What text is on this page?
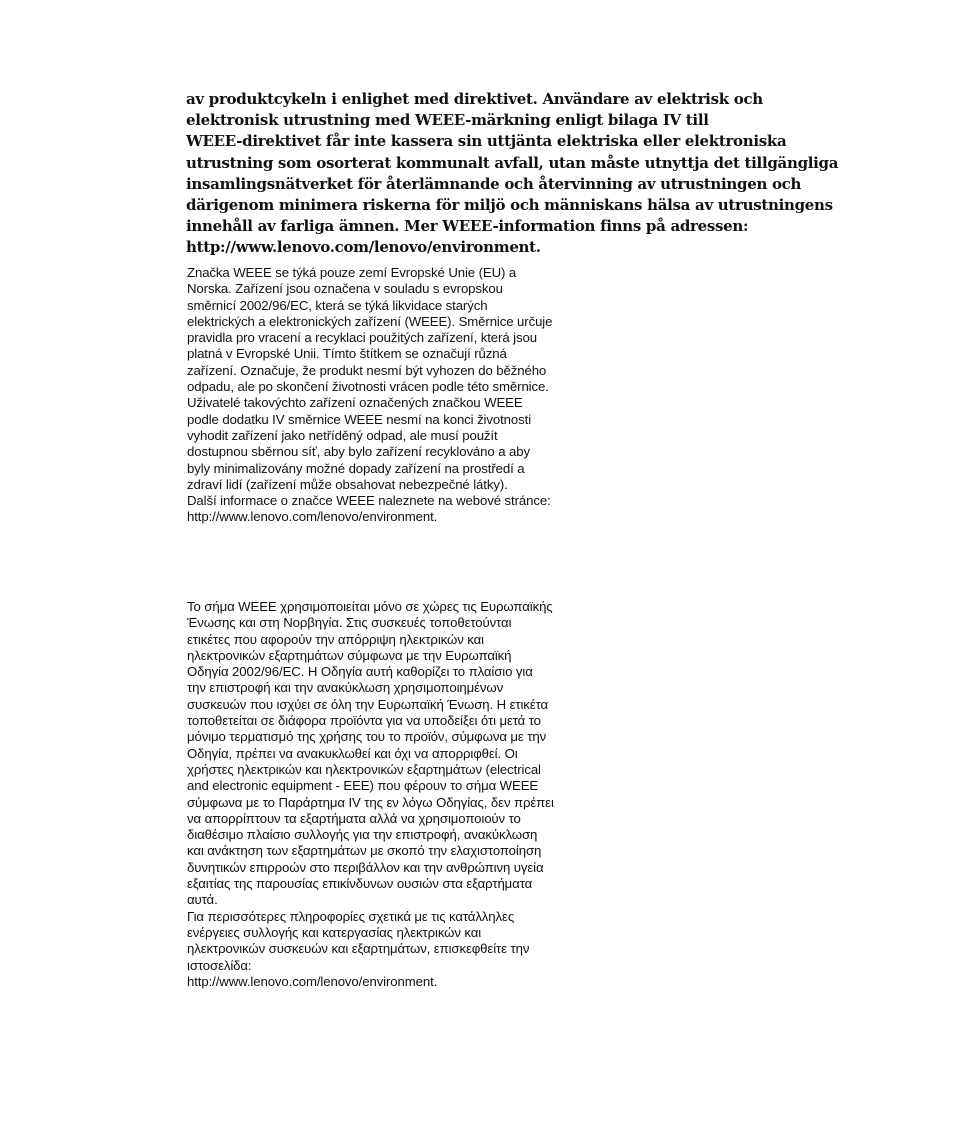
av produktcykeln i enlighet med direktivet. Användare av elektrisk och
elektronisk utrustning med WEEE-märkning enligt bilaga IV till
WEEE-direktivet får inte kassera sin uttjänta elektriska eller elektroniska
utrustning som osorterat kommunalt avfall, utan måste utnyttja det tillgängliga
insamlingsnätverket för återlämnande och återvinning av utrustningen och
därigenom minimera riskerna för miljö och människans hälsa av utrustningens
innehåll av farliga ämnen. Mer WEEE-information finns på adressen:
http://www.lenovo.com/lenovo/environment.
Značka WEEE se týká pouze zemí Evropské Unie (EU) a
Norska. Zařízení jsou označena v souladu s evropskou
směrnicí 2002/96/EC, která se týká likvidace starých
elektrických a elektronických zařízení (WEEE). Směrnice určuje
pravidla pro vracení a recyklaci použitých zařízení, která jsou
platná v Evropské Unii. Tímto štítkem se označují různá
zařízení. Označuje, že produkt nesmí být vyhozen do běžného
odpadu, ale po skončení životnosti vrácen podle této směrnice.
Uživatelé takovýchto zařízení označených značkou WEEE
podle dodatku IV směrnice WEEE nesmí na konci životnosti
vyhodit zařízení jako netříděný odpad, ale musí použít
dostupnou sběrnou síť, aby bylo zařízení recyklováno a aby
byly minimalizovány možné dopady zařízení na prostředí a
zdraví lidí (zařízení může obsahovat nebezpečné látky).
Další informace o značce WEEE naleznete na webové stránce:
http://www.lenovo.com/lenovo/environment.
Το σήμα WEEE χρησιμοποιείται μόνο σε χώρες τις Ευρωπαϊκής
Ένωσης και στη Νορβηγία. Στις συσκευές τοποθετούνται
ετικέτες που αφορούν την απόρριψη ηλεκτρικών και
ηλεκτρονικών εξαρτημάτων σύμφωνα με την Ευρωπαϊκή
Οδηγία 2002/96/EC. Η Οδηγία αυτή καθορίζει το πλαίσιο για
την επιστροφή και την ανακύκλωση χρησιμοποιημένων
συσκευών που ισχύει σε όλη την Ευρωπαϊκή Ένωση. Η ετικέτα
τοποθετείται σε διάφορα προϊόντα για να υποδείξει ότι μετά το
μόνιμο τερματισμό της χρήσης του το προϊόν, σύμφωνα με την
Οδηγία, πρέπει να ανακυκλωθεί και όχι να απορριφθεί. Οι
χρήστες ηλεκτρικών και ηλεκτρονικών εξαρτημάτων (electrical
and electronic equipment - EEE) που φέρουν το σήμα WEEE
σύμφωνα με το Παράρτημα IV της εν λόγω Οδηγίας, δεν πρέπει
να απορρίπτουν τα εξαρτήματα αλλά να χρησιμοποιούν το
διαθέσιμο πλαίσιο συλλογής για την επιστροφή, ανακύκλωση
και ανάκτηση των εξαρτημάτων με σκοπό την ελαχιστοποίηση
δυνητικών επιρροών στο περιβάλλον και την ανθρώπινη υγεία
εξαιτίας της παρουσίας επικίνδυνων ουσιών στα εξαρτήματα
αυτά.
Για περισσότερες πληροφορίες σχετικά με τις κατάλληλες
ενέργειες συλλογής και κατεργασίας ηλεκτρικών και
ηλεκτρονικών συσκευών και εξαρτημάτων, επισκεφθείτε την
ιστοσελίδα:
http://www.lenovo.com/lenovo/environment.
